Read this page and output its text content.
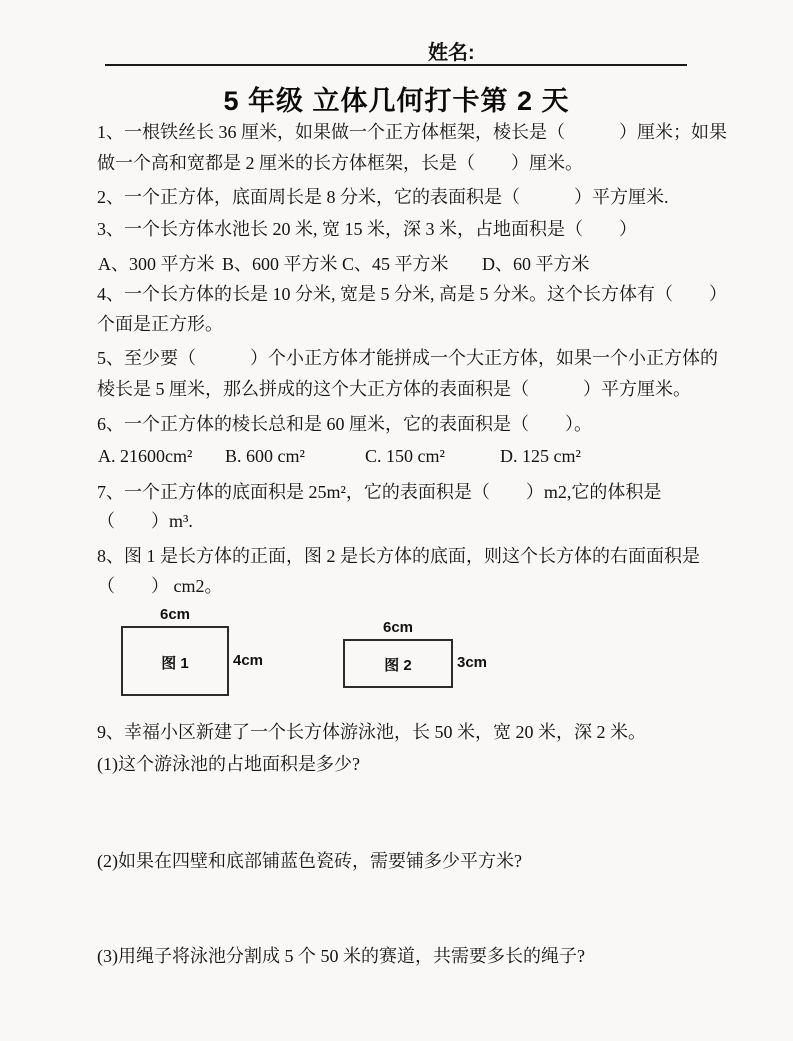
姓名:
5 年级 立体几何打卡第 2 天
1、一根铁丝长 36 厘米，如果做一个正方体框架，棱长是（　　　）厘米；如果
做一个高和宽都是 2 厘米的长方体框架，长是（　　）厘米。
2、一个正方体，底面周长是 8 分米，它的表面积是（　　　）平方厘米.
3、一个长方体水池长 20 米, 宽 15 米，深 3 米，占地面积是（　　）
A、300 平方米 B、600 平方米 C、45 平方米 D、60 平方米
4、一个长方体的长是 10 分米, 宽是 5 分米, 高是 5 分米。这个长方体有（　　）
个面是正方形。
5、至少要（　　　）个小正方体才能拼成一个大正方体，如果一个小正方体的
棱长是 5 厘米，那么拼成的这个大正方体的表面积是（　　　）平方厘米。
6、一个正方体的棱长总和是 60 厘米，它的表面积是（　　）。
A. 21600cm² B. 600 cm²	C. 150 cm²	D. 125 cm²
7、一个正方体的底面积是 25m²，它的表面积是（　　）m2,它的体积是
（　　）m³.
8、图 1 是长方体的正面，图 2 是长方体的底面，则这个长方体的右面面积是
（　　） cm2。
6cm
图 1	4cm
6cm
图 2	3cm
9、幸福小区新建了一个长方体游泳池，长 50 米，宽 20 米，深 2 米。
(1)这个游泳池的占地面积是多少?
(2)如果在四壁和底部铺蓝色瓷砖，需要铺多少平方米?
(3)用绳子将泳池分割成 5 个 50 米的赛道，共需要多长的绳子?
